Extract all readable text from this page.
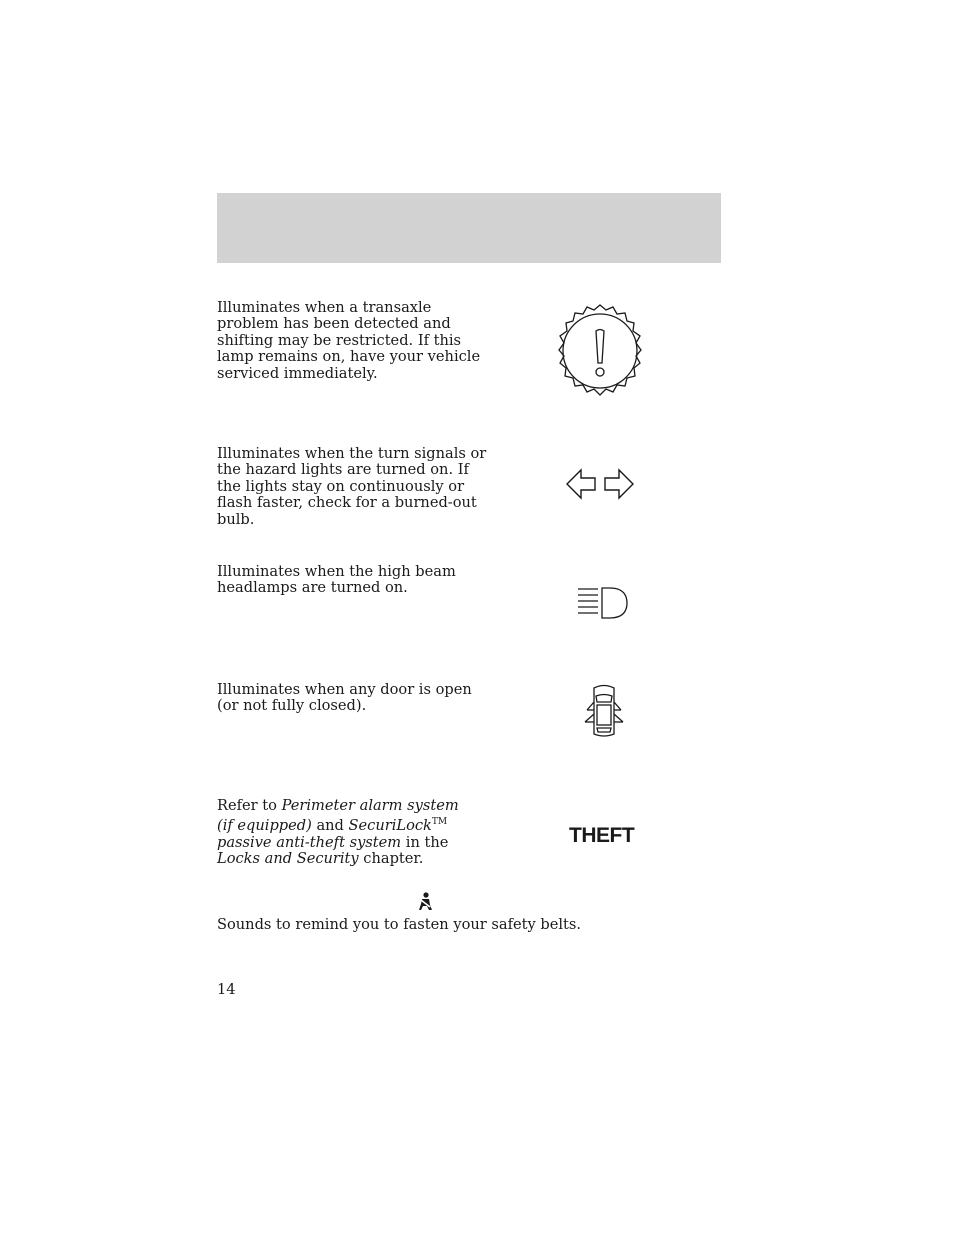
Illuminates when a transaxle
problem has been detected and
shifting may be restricted. If this
lamp remains on, have your vehicle
serviced immediately.

Illuminates when the turn signals or
the hazard lights are turned on. If
the lights stay on continuously or
flash faster, check for a burned-out
bulb.

Illuminates when the high beam
headlamps are turned on.

Illuminates when any door is open
(or not fully closed).

Refer to Perimeter alarm system
(if equipped) and SecuriLock™
passive anti-theft system in the
Locks and Security chapter.

THEFT

Sounds to remind you to fasten your safety belts.

14
